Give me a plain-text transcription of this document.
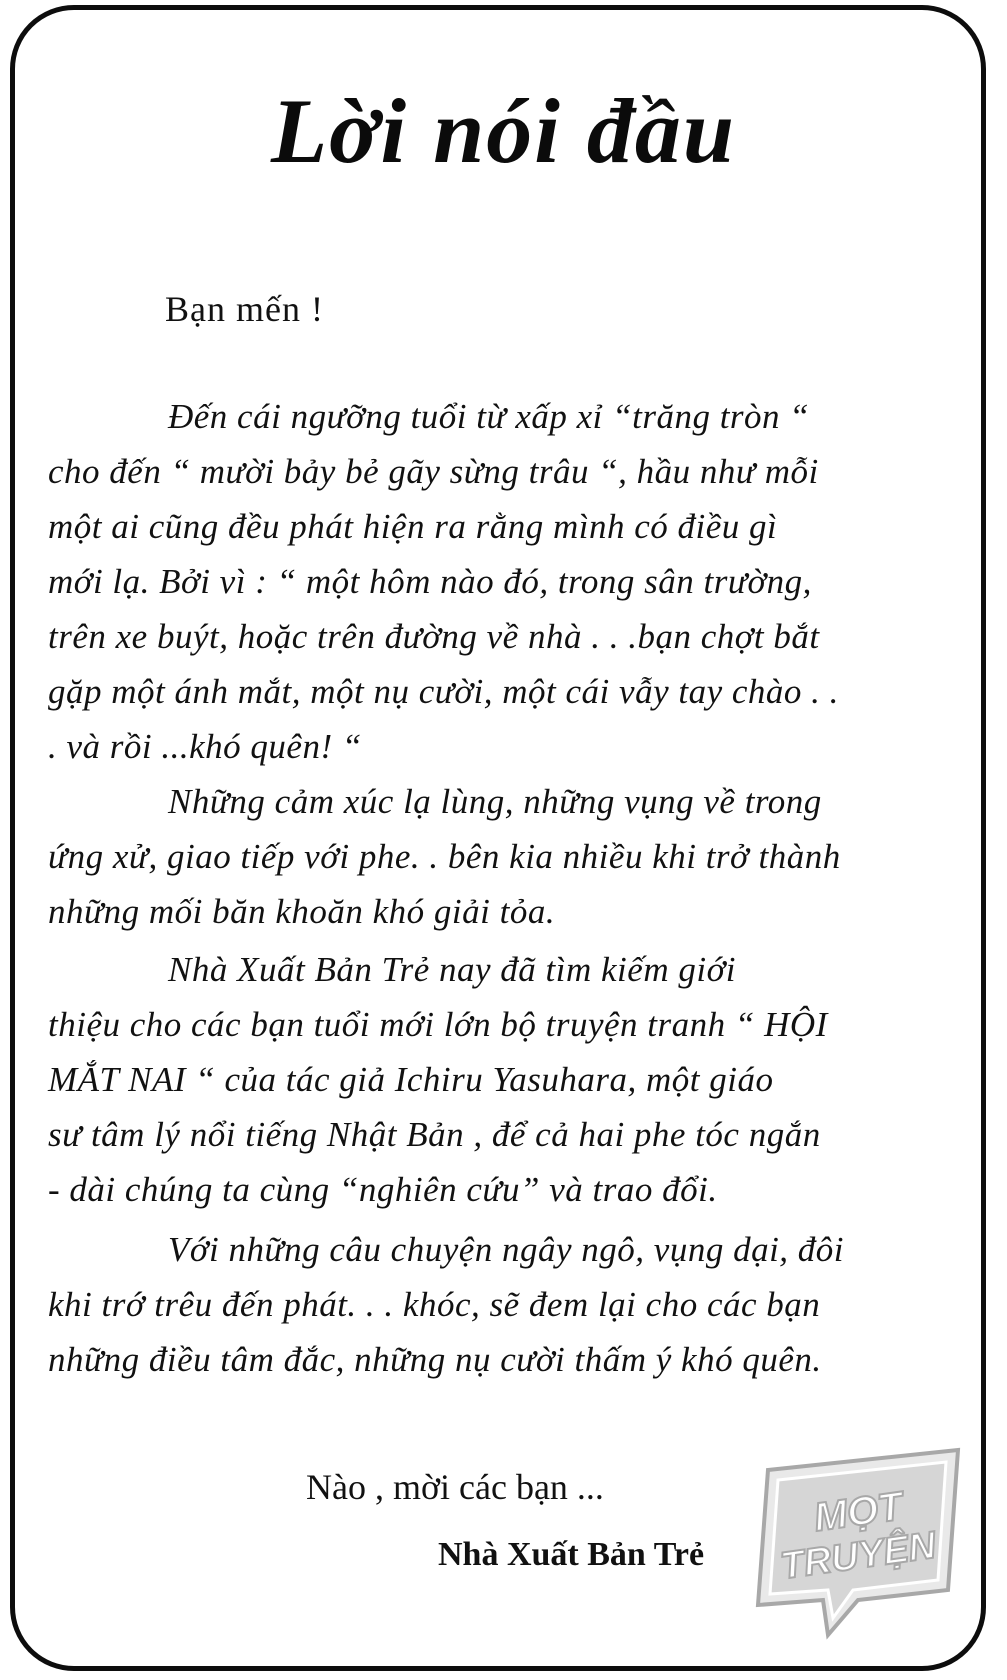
Lời nói đầu
Bạn mến !
Đến cái ngưỡng tuổi từ xấp xỉ “trăng tròn “
cho đến “ mười bảy bẻ gãy sừng trâu “, hầu như mỗi
một ai cũng đều phát hiện ra rằng mình có điều gì
mới lạ. Bởi vì : “ một hôm nào đó, trong sân trường,
trên xe buýt, hoặc trên đường về nhà . . .bạn chợt bắt
gặp một ánh mắt, một nụ cười, một cái vẫy tay chào . .
. và rồi ...khó quên! “
Những cảm xúc lạ lùng, những vụng về trong
ứng xử, giao tiếp với phe. . bên kia nhiều khi trở thành
những mối băn khoăn khó giải tỏa.
Nhà Xuất Bản Trẻ nay đã tìm kiếm giới
thiệu cho các bạn tuổi mới lớn bộ truyện tranh “ HỘI
MẮT NAI “ của tác giả Ichiru Yasuhara, một giáo
sư tâm lý nổi tiếng Nhật Bản , để cả hai phe tóc ngắn
- dài chúng ta cùng “nghiên cứu” và trao đổi.
Với những câu chuyện ngây ngô, vụng dại, đôi
khi trớ trêu đến phát. . . khóc, sẽ đem lại cho các bạn
những điều tâm đắc, những nụ cười thấm ý khó quên.
Nào , mời các bạn ...
Nhà Xuất Bản Trẻ
MỌT
TRUYỆN
